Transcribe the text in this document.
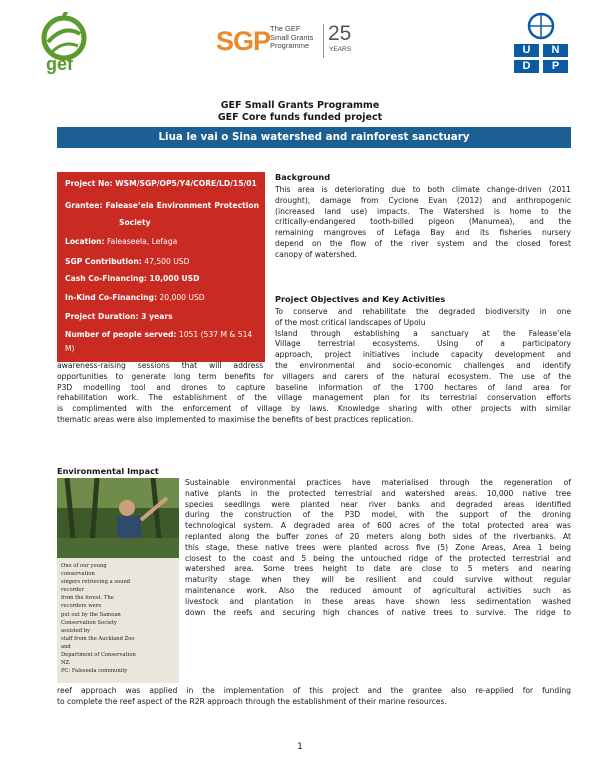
gef
SGP The GEF
Small Grants
Programme
25
YEARS	U	N
D	P
GEF Small Grants Programme
GEF Core funds funded project
Liua le vai o Sina watershed and rainforest sanctuary
Project No: WSM/SGP/OP5/Y4/CORE/LD/15/01
Grantee: Falease’ela Environment Protection
Society
Location: Faleaseela, Lefaga
SGP Contribution: 47,500 USD
Cash Co-Financing: 10,000 USD
In-Kind Co-Financing: 20,000 USD
Project Duration: 3 years
Number of people served: 1051 (537 M & 514
M)
Background
This area is deteriorating due to both climate change-driven (2011
drought), damage from Cyclone Evan (2012) and anthropogenic
(increased land use) impacts. The Watershed is home to the
critically-endangered tooth-billed pigeon (Manumea), and the
remaining mangroves of Lefaga Bay and its fisheries nursery
depend on the flow of the river system and the closed forest
canopy of watershed.
Project Objectives and Key Activities
To conserve and rehabilitate the degraded biodiversity in one
of the most critical landscapes of Upolu
Island through establishing a sanctuary at the Falease’ela
Village terrestrial ecosystems. Using of a participatory
approach, project initiatives include capacity development and
awareness-raising sessions that will address the environmental and socio-economic challenges and identify
opportunities to generate long term benefits for villagers and carers of the natural ecosystem. The use of the
P3D modelling tool and drones to capture baseline information of the 1700 hectares of land area for
rehabilitation work. The establishment of the village management plan for its terrestrial conservation efforts
is complimented with the enforcement of village by laws. Knowledge sharing with other projects with similar
thematic areas were also implemented to maximise the benefits of best practices replication.
Environmental Impact
One of our young conservation
singers retrieving a sound recorder
from the forest. The recorders were
put out by the Samoan
Conservation Society assisted by
staff from the Auckland Zoo and
Department of Conservation NZ.
PC: Faleseela community
Sustainable environmental practices have materialised through the regeneration of
native plants in the protected terrestrial and watershed areas. 10,000 native tree
species seedlings were planted near river banks and degraded areas identified
during the construction of the P3D model, with the support of the droning
technological system. A degraded area of 600 acres of the total protected area was
replanted along the buffer zones of 20 meters along both sides of the riverbanks. At
this stage, these native trees were planted across five (5) Zone Areas, Area 1 being
closest to the coast and 5 being the untouched ridge of the protected terrestrial and
watershed area. Some trees height to date are close to 5 meters and nearing
maturity stage when they will be resilient and could survive without regular
maintenance work. Also the reduced amount of agricultural activities such as
livestock and plantation in these areas have shown less sedimentation washed
down the reefs and securing high chances of native trees to survive. The ridge to
reef approach was applied in the implementation of this project and the grantee also re-applied for funding
to complete the reef aspect of the R2R approach through the establishment of their marine resources.
1
